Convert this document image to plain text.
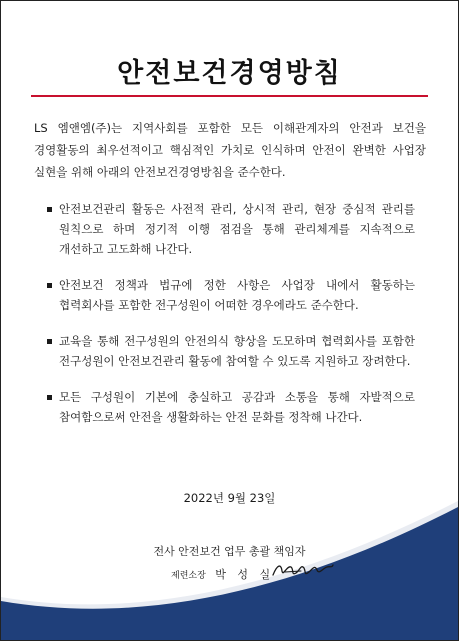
안전보건경영방침

LS 엠앤엠(주)는 지역사회를 포함한 모든 이해관계자의 안전과 보건을 경영활동의 최우선적이고 핵심적인 가치로 인식하며 안전이 완벽한 사업장 실현을 위해 아래의 안전보건경영방침을 준수한다.

안전보건관리 활동은 사전적 관리, 상시적 관리, 현장 중심적 관리를 원칙으로 하며 정기적 이행 점검을 통해 관리체계를 지속적으로 개선하고 고도화해 나간다.
안전보건 정책과 법규에 정한 사항은 사업장 내에서 활동하는 협력회사를 포함한 전구성원이 어떠한 경우에라도 준수한다.
교육을 통해 전구성원의 안전의식 향상을 도모하며 협력회사를 포함한 전구성원이 안전보건관리 활동에 참여할 수 있도록 지원하고 장려한다.
모든 구성원이 기본에 충실하고 공감과 소통을 통해 자발적으로 참여함으로써 안전을 생활화하는 안전 문화를 정착해 나간다.
2022년 9월 23일
전사 안전보건 업무 총괄 책임자
제련소장 박 성 실
